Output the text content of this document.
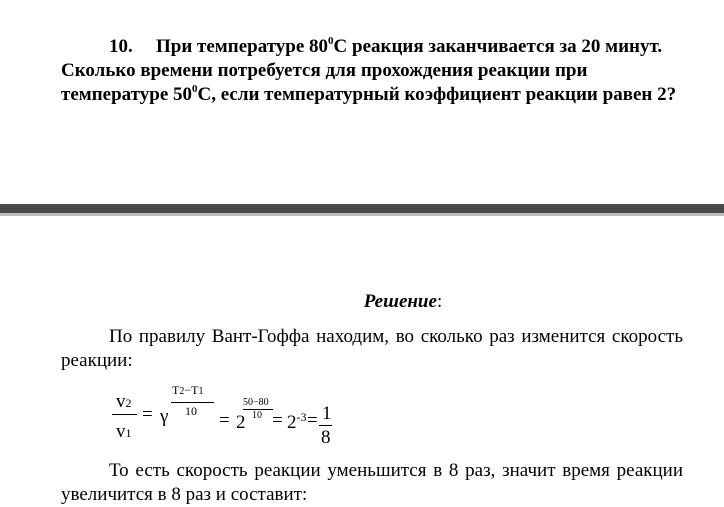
10. При температуре $80^0С$ реакция заканчивается за 20 минут.
Сколько времени потребуется для прохождения реакции при
температуре $50^0С$, если температурный коэффициент реакции равен 2?
Решение:
По правилу Вант-Гоффа находим, во сколько раз изменится скорость реакции:
v2
v1
= γ
T2−T1
10 = 2
50−80
$10 = 2^{-3} = 1$
8
То есть скорость реакции уменьшится в 8 раз, значит время реакции увеличится в 8 раз и составит:
